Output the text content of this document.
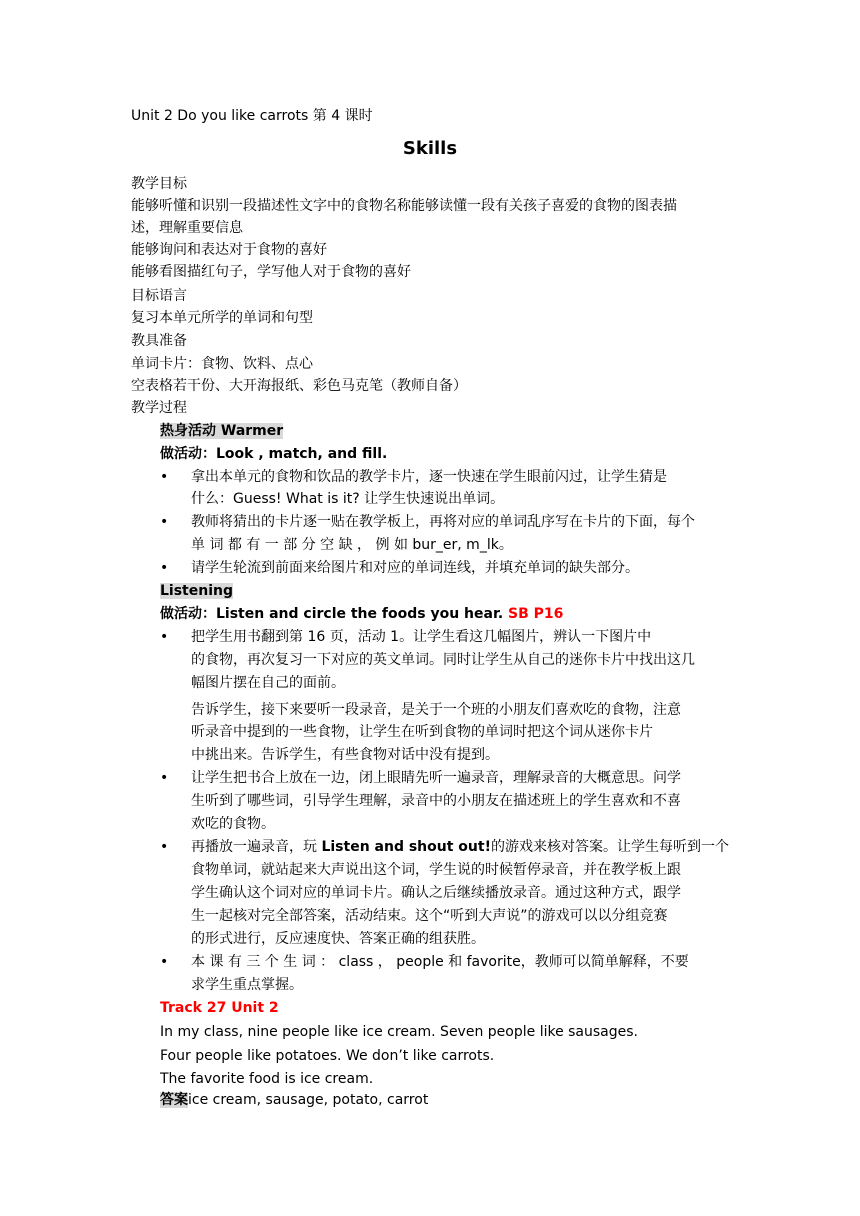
Unit 2 Do you like carrots 第 4 课时
Skills
教学目标
能够听懂和识别一段描述性文字中的食物名称能够读懂一段有关孩子喜爱的食物的图表描
述，理解重要信息
能够询问和表达对于食物的喜好
能够看图描红句子，学写他人对于食物的喜好
目标语言
复习本单元所学的单词和句型
教具准备
单词卡片：食物、饮料、点心
空表格若干份、大开海报纸、彩色马克笔（教师自备）
教学过程
热身活动 Warmer
做活动：Look , match, and fill.
• 拿出本单元的食物和饮品的教学卡片，逐一快速在学生眼前闪过，让学生猜是
什么：Guess! What is it? 让学生快速说出单词。
• 教师将猜出的卡片逐一贴在教学板上，再将对应的单词乱序写在卡片的下面，每个
单 词 都 有 一 部 分 空 缺 ， 例 如 bur_er, m_lk。
• 请学生轮流到前面来给图片和对应的单词连线，并填充单词的缺失部分。
Listening
做活动：Listen and circle the foods you hear. SB P16
• 把学生用书翻到第 16 页，活动 1。让学生看这几幅图片，辨认一下图片中
的食物，再次复习一下对应的英文单词。同时让学生从自己的迷你卡片中找出这几
幅图片摆在自己的面前。
告诉学生，接下来要听一段录音，是关于一个班的小朋友们喜欢吃的食物，注意
听录音中提到的一些食物，让学生在听到食物的单词时把这个词从迷你卡片
中挑出来。告诉学生，有些食物对话中没有提到。
• 让学生把书合上放在一边，闭上眼睛先听一遍录音，理解录音的大概意思。问学
生听到了哪些词，引导学生理解，录音中的小朋友在描述班上的学生喜欢和不喜
欢吃的食物。
• 再播放一遍录音，玩 Listen and shout out!的游戏来核对答案。让学生每听到一个
食物单词，就站起来大声说出这个词，学生说的时候暂停录音，并在教学板上跟
学生确认这个词对应的单词卡片。确认之后继续播放录音。通过这种方式，跟学
生一起核对完全部答案，活动结束。这个“听到大声说”的游戏可以以分组竞赛
的形式进行，反应速度快、答案正确的组获胜。
• 本 课 有 三 个 生 词 ： class ， people 和 favorite，教师可以简单解释，不要
求学生重点掌握。
Track 27 Unit 2
In my class, nine people like ice cream. Seven people like sausages.
Four people like potatoes. We don’t like carrots.
The favorite food is ice cream.
答案ice cream, sausage, potato, carrot
